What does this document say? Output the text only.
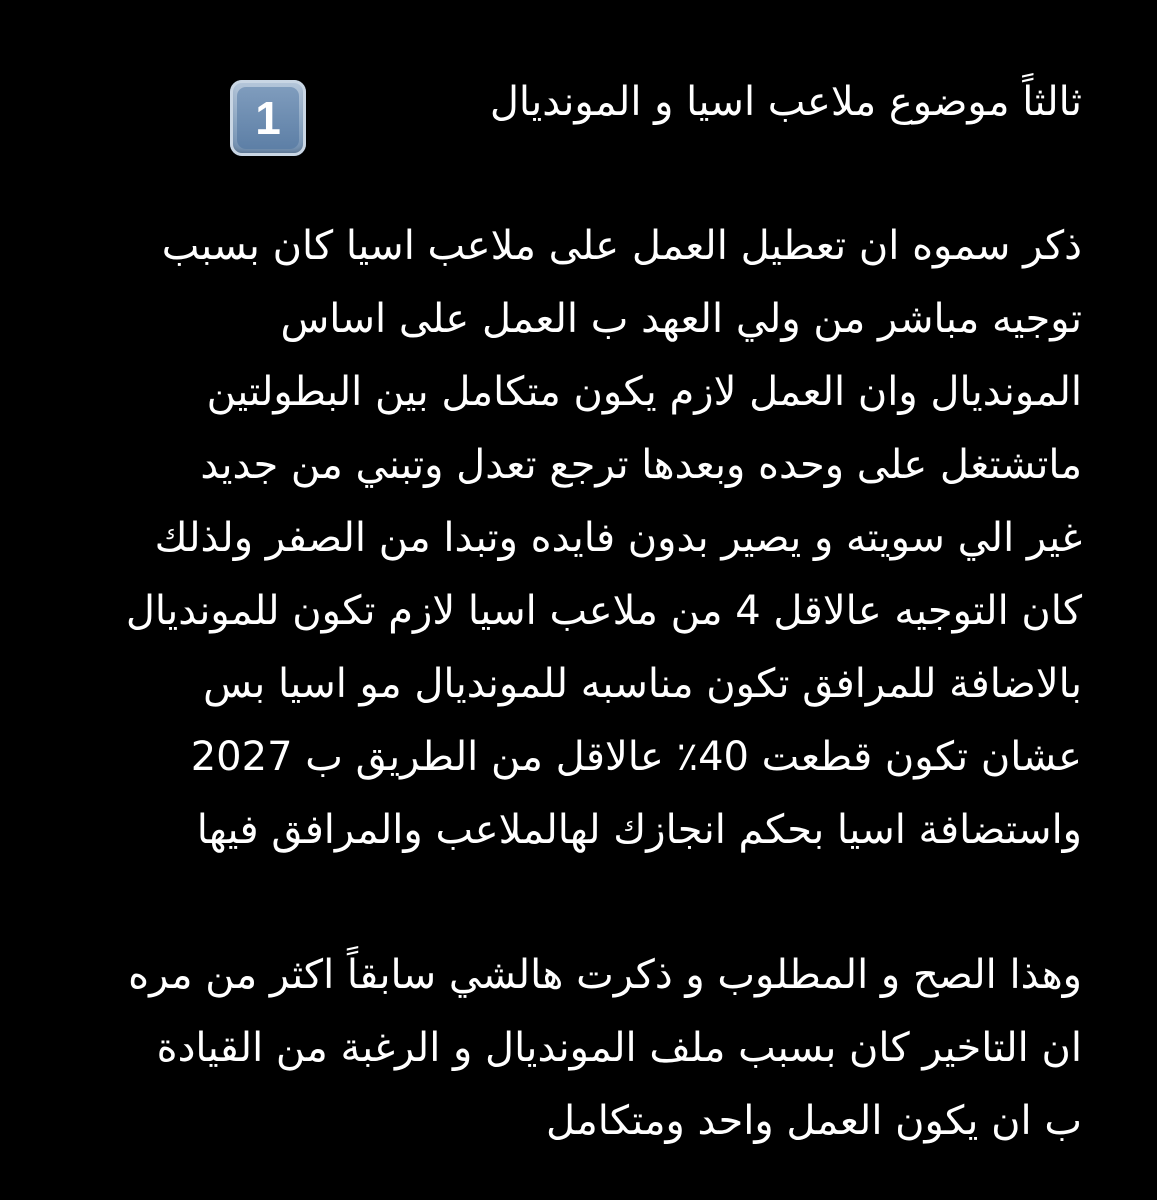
ثالثاً موضوع ملاعب اسيا و المونديال
1

ذكر سموه ان تعطيل العمل على ملاعب اسيا كان بسبب
توجيه مباشر من ولي العهد ب العمل على اساس
المونديال وان العمل لازم يكون متكامل بين البطولتين
ماتشتغل على وحده وبعدها ترجع تعدل وتبني من جديد
غير الي سويته و يصير بدون فايده وتبدا من الصفر ولذلك
كان التوجيه عالاقل 4 من ملاعب اسيا لازم تكون للمونديال
بالاضافة للمرافق تكون مناسبه للمونديال مو اسيا بس
عشان تكون قطعت 40٪ عالاقل من الطريق ب 2027
واستضافة اسيا بحكم انجازك لهالملاعب والمرافق فيها

وهذا الصح و المطلوب و ذكرت هالشي سابقاً اكثر من مره
ان التاخير كان بسبب ملف المونديال و الرغبة من القيادة
ب ان يكون العمل واحد ومتكامل
